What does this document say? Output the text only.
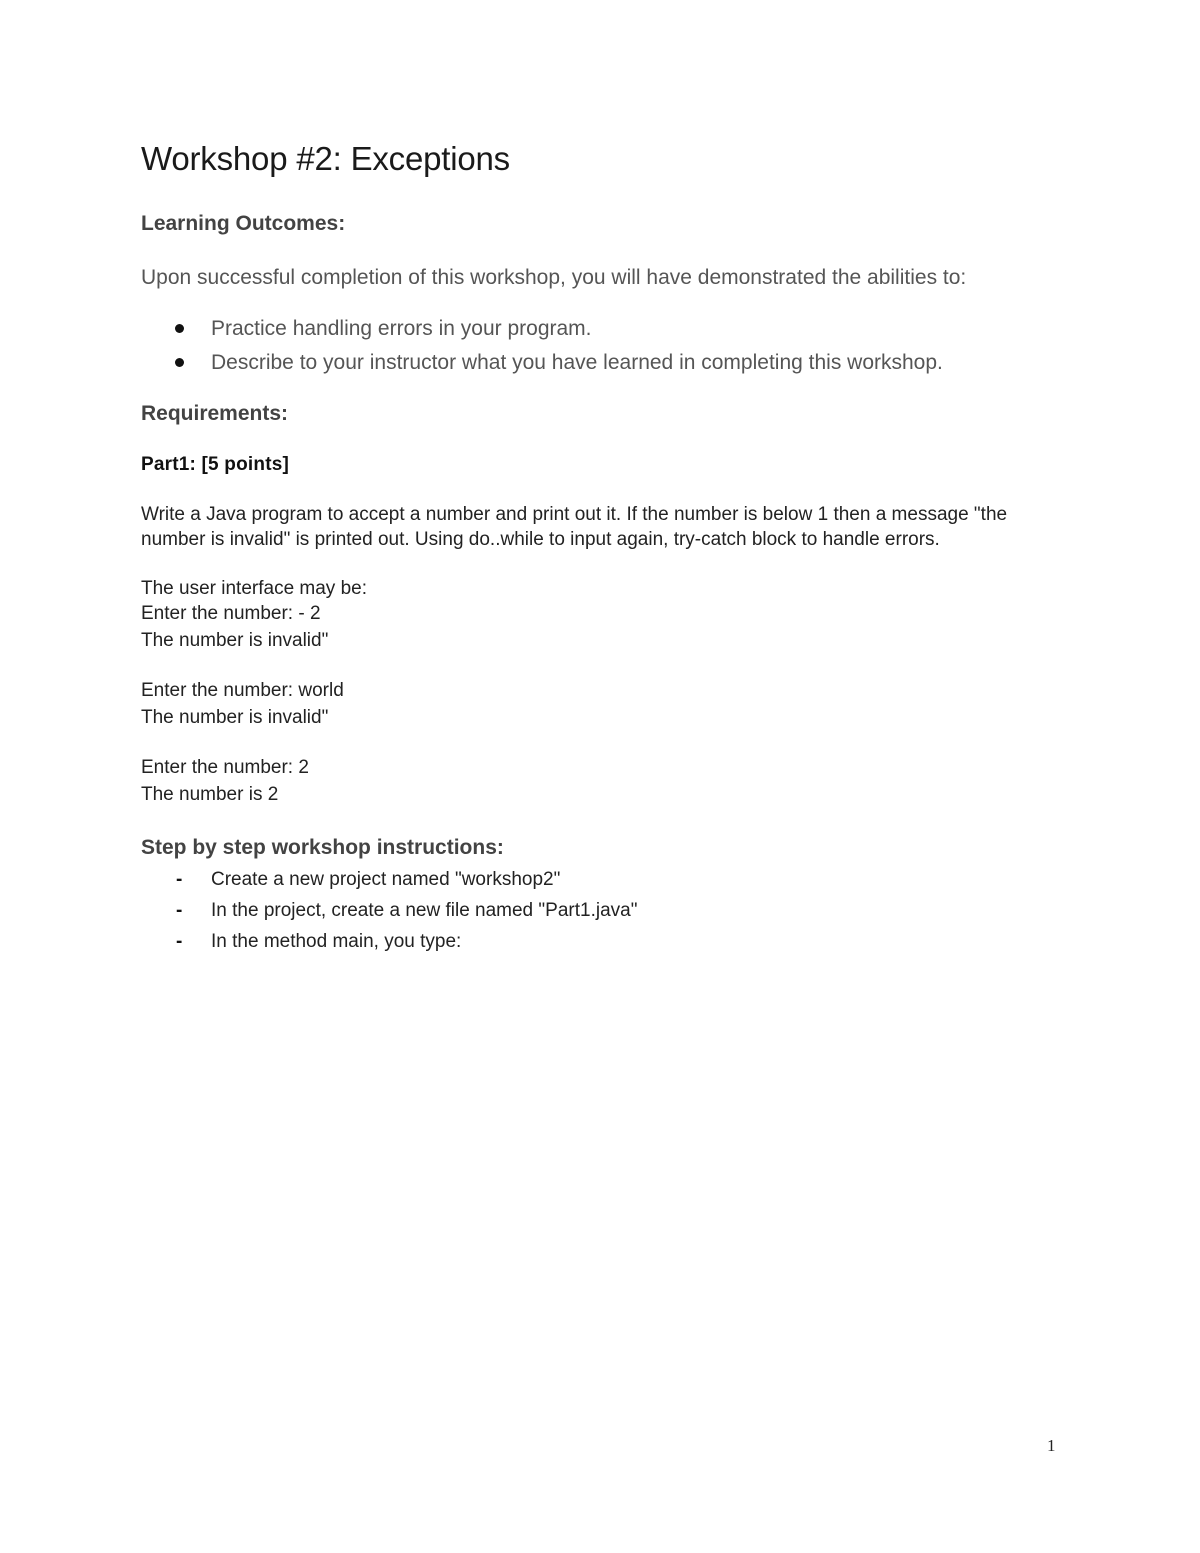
Workshop #2: Exceptions
Learning Outcomes:
Upon successful completion of this workshop, you will have demonstrated the abilities to:
Practice handling errors in your program.
Describe to your instructor what you have learned in completing this workshop.
Requirements:
Part1: [5 points]
Write a Java program to accept a number and print out it. If the number is below 1 then a message "the number is invalid" is printed out. Using do..while to input again, try-catch block to handle errors.
The user interface may be:
Enter the number: - 2
The number is invalid"
Enter the number: world
The number is invalid"
Enter the number: 2
The number is 2
Step by step workshop instructions:
- Create a new project named "workshop2"
- In the project, create a new file named "Part1.java"
- In the method main, you type:
1
